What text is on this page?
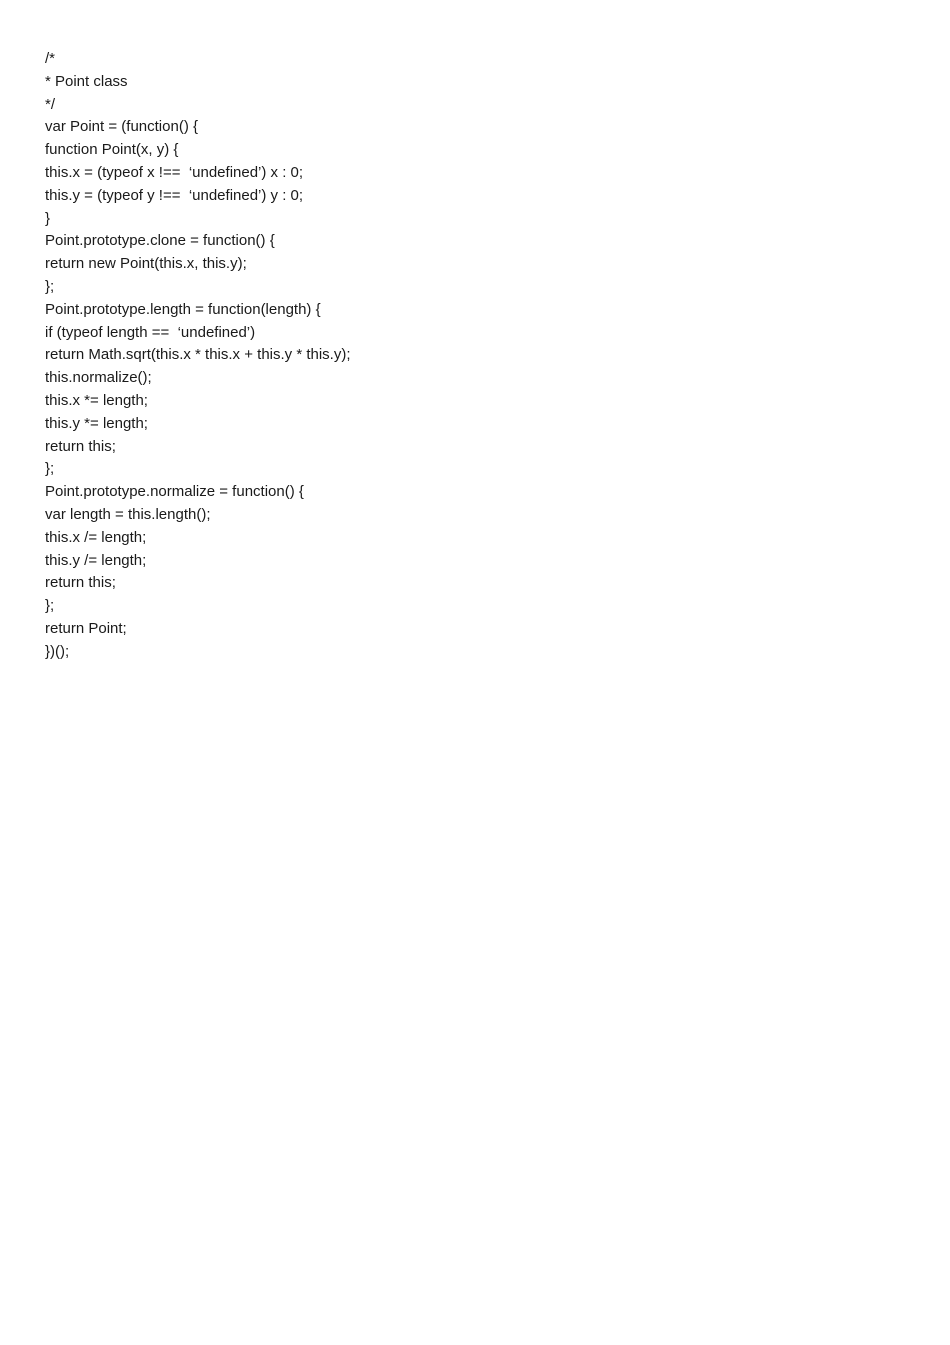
/*
* Point class
*/
var Point = (function() {
function Point(x, y) {
this.x = (typeof x !==  ‘undefined’) x : 0;
this.y = (typeof y !==  ‘undefined’) y : 0;
}
Point.prototype.clone = function() {
return new Point(this.x, this.y);
};
Point.prototype.length = function(length) {
if (typeof length ==  ‘undefined’)
return Math.sqrt(this.x * this.x + this.y * this.y);
this.normalize();
this.x *= length;
this.y *= length;
return this;
};
Point.prototype.normalize = function() {
var length = this.length();
this.x /= length;
this.y /= length;
return this;
};
return Point;
})();
